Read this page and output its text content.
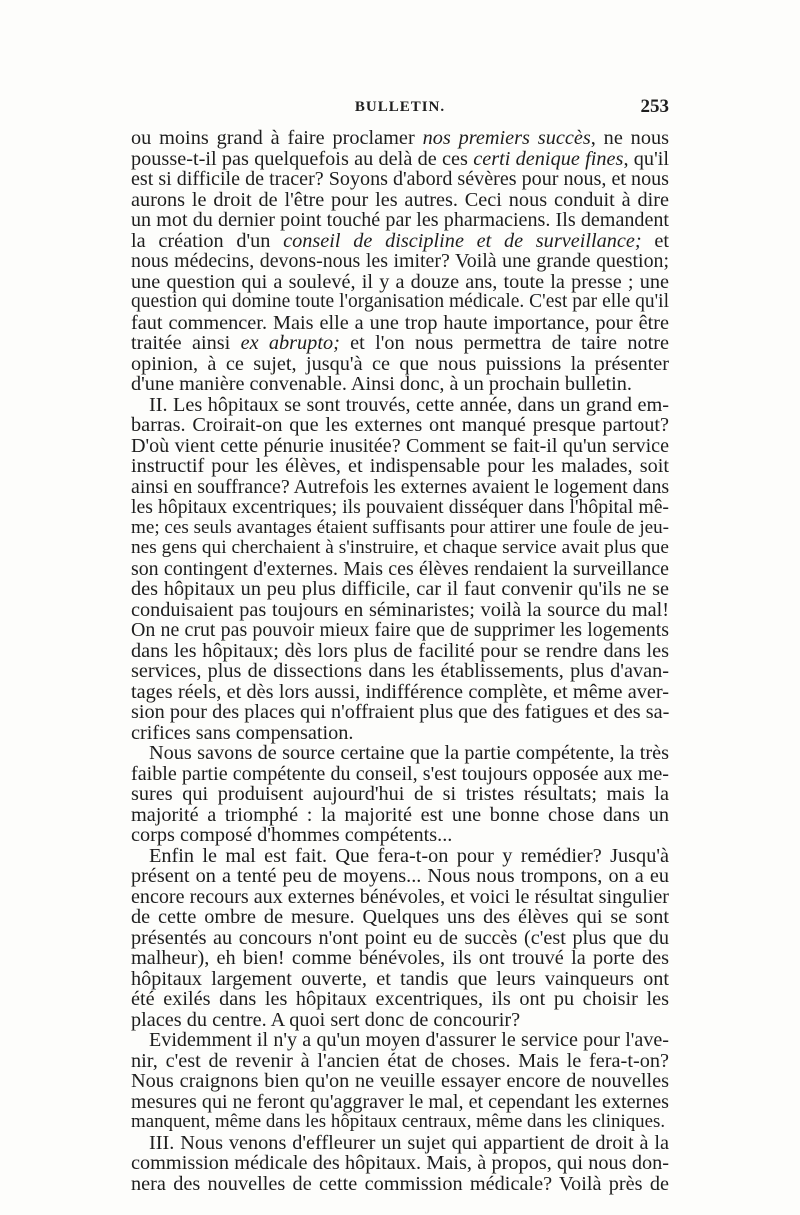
BULLETIN.	253
ou moins grand à faire proclamer nos premiers succès, ne nous
pousse-t-il pas quelquefois au delà de ces certi denique fines, qu'il
est si difficile de tracer? Soyons d'abord sévères pour nous, et nous
aurons le droit de l'être pour les autres. Ceci nous conduit à dire
un mot du dernier point touché par les pharmaciens. Ils demandent
la création d'un conseil de discipline et de surveillance; et
nous médecins, devons-nous les imiter? Voilà une grande question;
une question qui a soulevé, il y a douze ans, toute la presse ; une
question qui domine toute l'organisation médicale. C'est par elle qu'il
faut commencer. Mais elle a une trop haute importance, pour être
traitée ainsi ex abrupto; et l'on nous permettra de taire notre
opinion, à ce sujet, jusqu'à ce que nous puissions la présenter
d'une manière convenable. Ainsi donc, à un prochain bulletin.
II. Les hôpitaux se sont trouvés, cette année, dans un grand em-
barras. Croirait-on que les externes ont manqué presque partout?
D'où vient cette pénurie inusitée? Comment se fait-il qu'un service
instructif pour les élèves, et indispensable pour les malades, soit
ainsi en souffrance? Autrefois les externes avaient le logement dans
les hôpitaux excentriques; ils pouvaient disséquer dans l'hôpital mê-
me; ces seuls avantages étaient suffisants pour attirer une foule de jeu-
nes gens qui cherchaient à s'instruire, et chaque service avait plus que
son contingent d'externes. Mais ces élèves rendaient la surveillance
des hôpitaux un peu plus difficile, car il faut convenir qu'ils ne se
conduisaient pas toujours en séminaristes; voilà la source du mal!
On ne crut pas pouvoir mieux faire que de supprimer les logements
dans les hôpitaux; dès lors plus de facilité pour se rendre dans les
services, plus de dissections dans les établissements, plus d'avan-
tages réels, et dès lors aussi, indifférence complète, et même aver-
sion pour des places qui n'offraient plus que des fatigues et des sa-
crifices sans compensation.
Nous savons de source certaine que la partie compétente, la très
faible partie compétente du conseil, s'est toujours opposée aux me-
sures qui produisent aujourd'hui de si tristes résultats; mais la
majorité a triomphé : la majorité est une bonne chose dans un
corps composé d'hommes compétents...
Enfin le mal est fait. Que fera-t-on pour y remédier? Jusqu'à
présent on a tenté peu de moyens... Nous nous trompons, on a eu
encore recours aux externes bénévoles, et voici le résultat singulier
de cette ombre de mesure. Quelques uns des élèves qui se sont
présentés au concours n'ont point eu de succès (c'est plus que du
malheur), eh bien! comme bénévoles, ils ont trouvé la porte des
hôpitaux largement ouverte, et tandis que leurs vainqueurs ont
été exilés dans les hôpitaux excentriques, ils ont pu choisir les
places du centre. A quoi sert donc de concourir?
Evidemment il n'y a qu'un moyen d'assurer le service pour l'ave-
nir, c'est de revenir à l'ancien état de choses. Mais le fera-t-on?
Nous craignons bien qu'on ne veuille essayer encore de nouvelles
mesures qui ne feront qu'aggraver le mal, et cependant les externes
manquent, même dans les hôpitaux centraux, même dans les cliniques.
III. Nous venons d'effleurer un sujet qui appartient de droit à la
commission médicale des hôpitaux. Mais, à propos, qui nous don-
nera des nouvelles de cette commission médicale? Voilà près de
